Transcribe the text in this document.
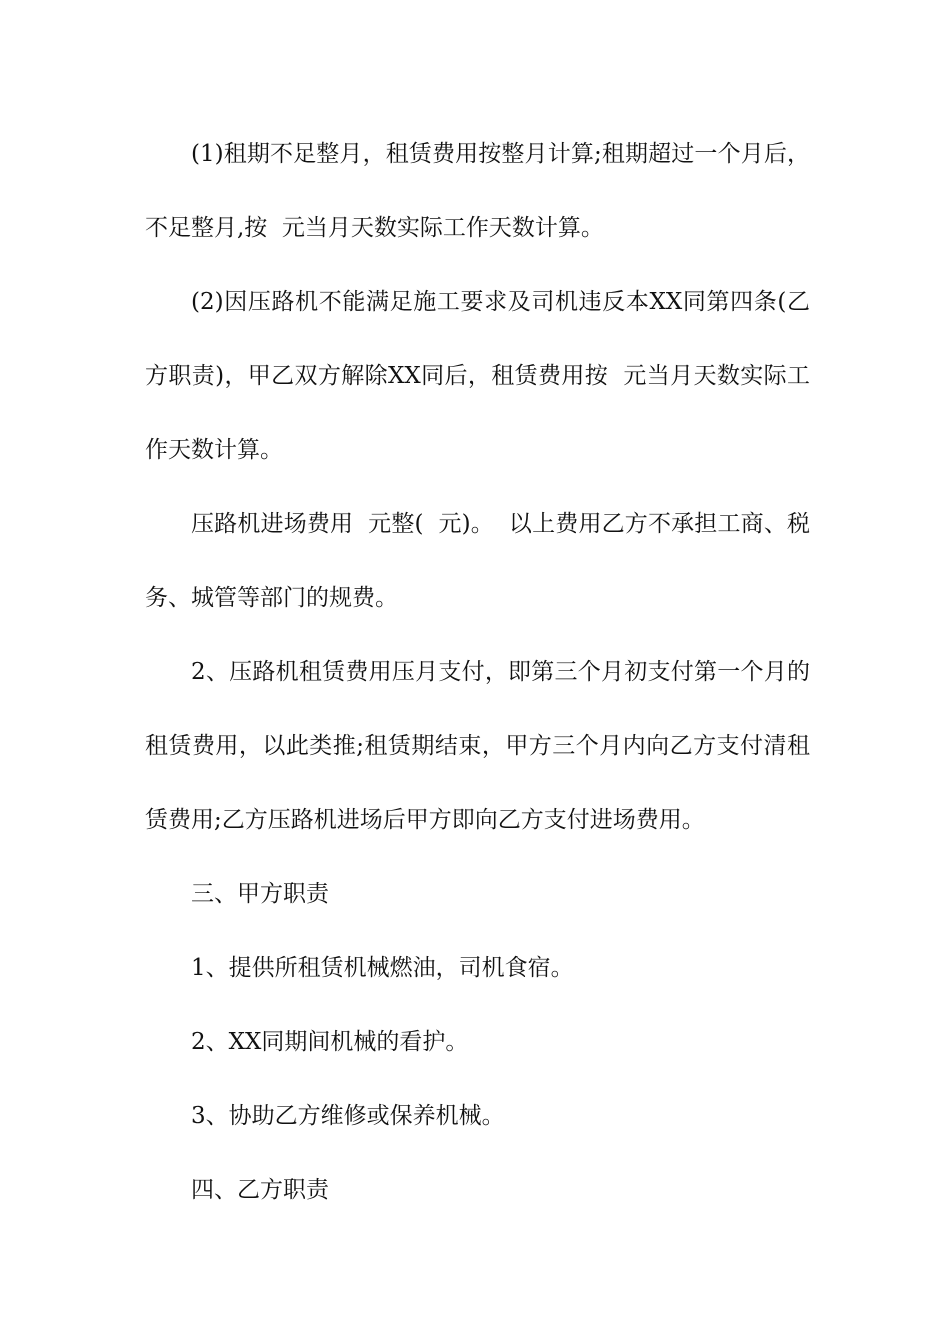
(1)租期不足整月，租赁费用按整月计算;租期超过一个月后，不足整月,按  元当月天数实际工作天数计算。

(2)因压路机不能满足施工要求及司机违反本XX同第四条(乙方职责)，甲乙双方解除XX同后，租赁费用按  元当月天数实际工作天数计算。

压路机进场费用  元整(  元)。  以上费用乙方不承担工商、税务、城管等部门的规费。

2、压路机租赁费用压月支付，即第三个月初支付第一个月的租赁费用，以此类推;租赁期结束，甲方三个月内向乙方支付清租赁费用;乙方压路机进场后甲方即向乙方支付进场费用。

三、甲方职责

1、提供所租赁机械燃油，司机食宿。

2、XX同期间机械的看护。

3、协助乙方维修或保养机械。

四、乙方职责
